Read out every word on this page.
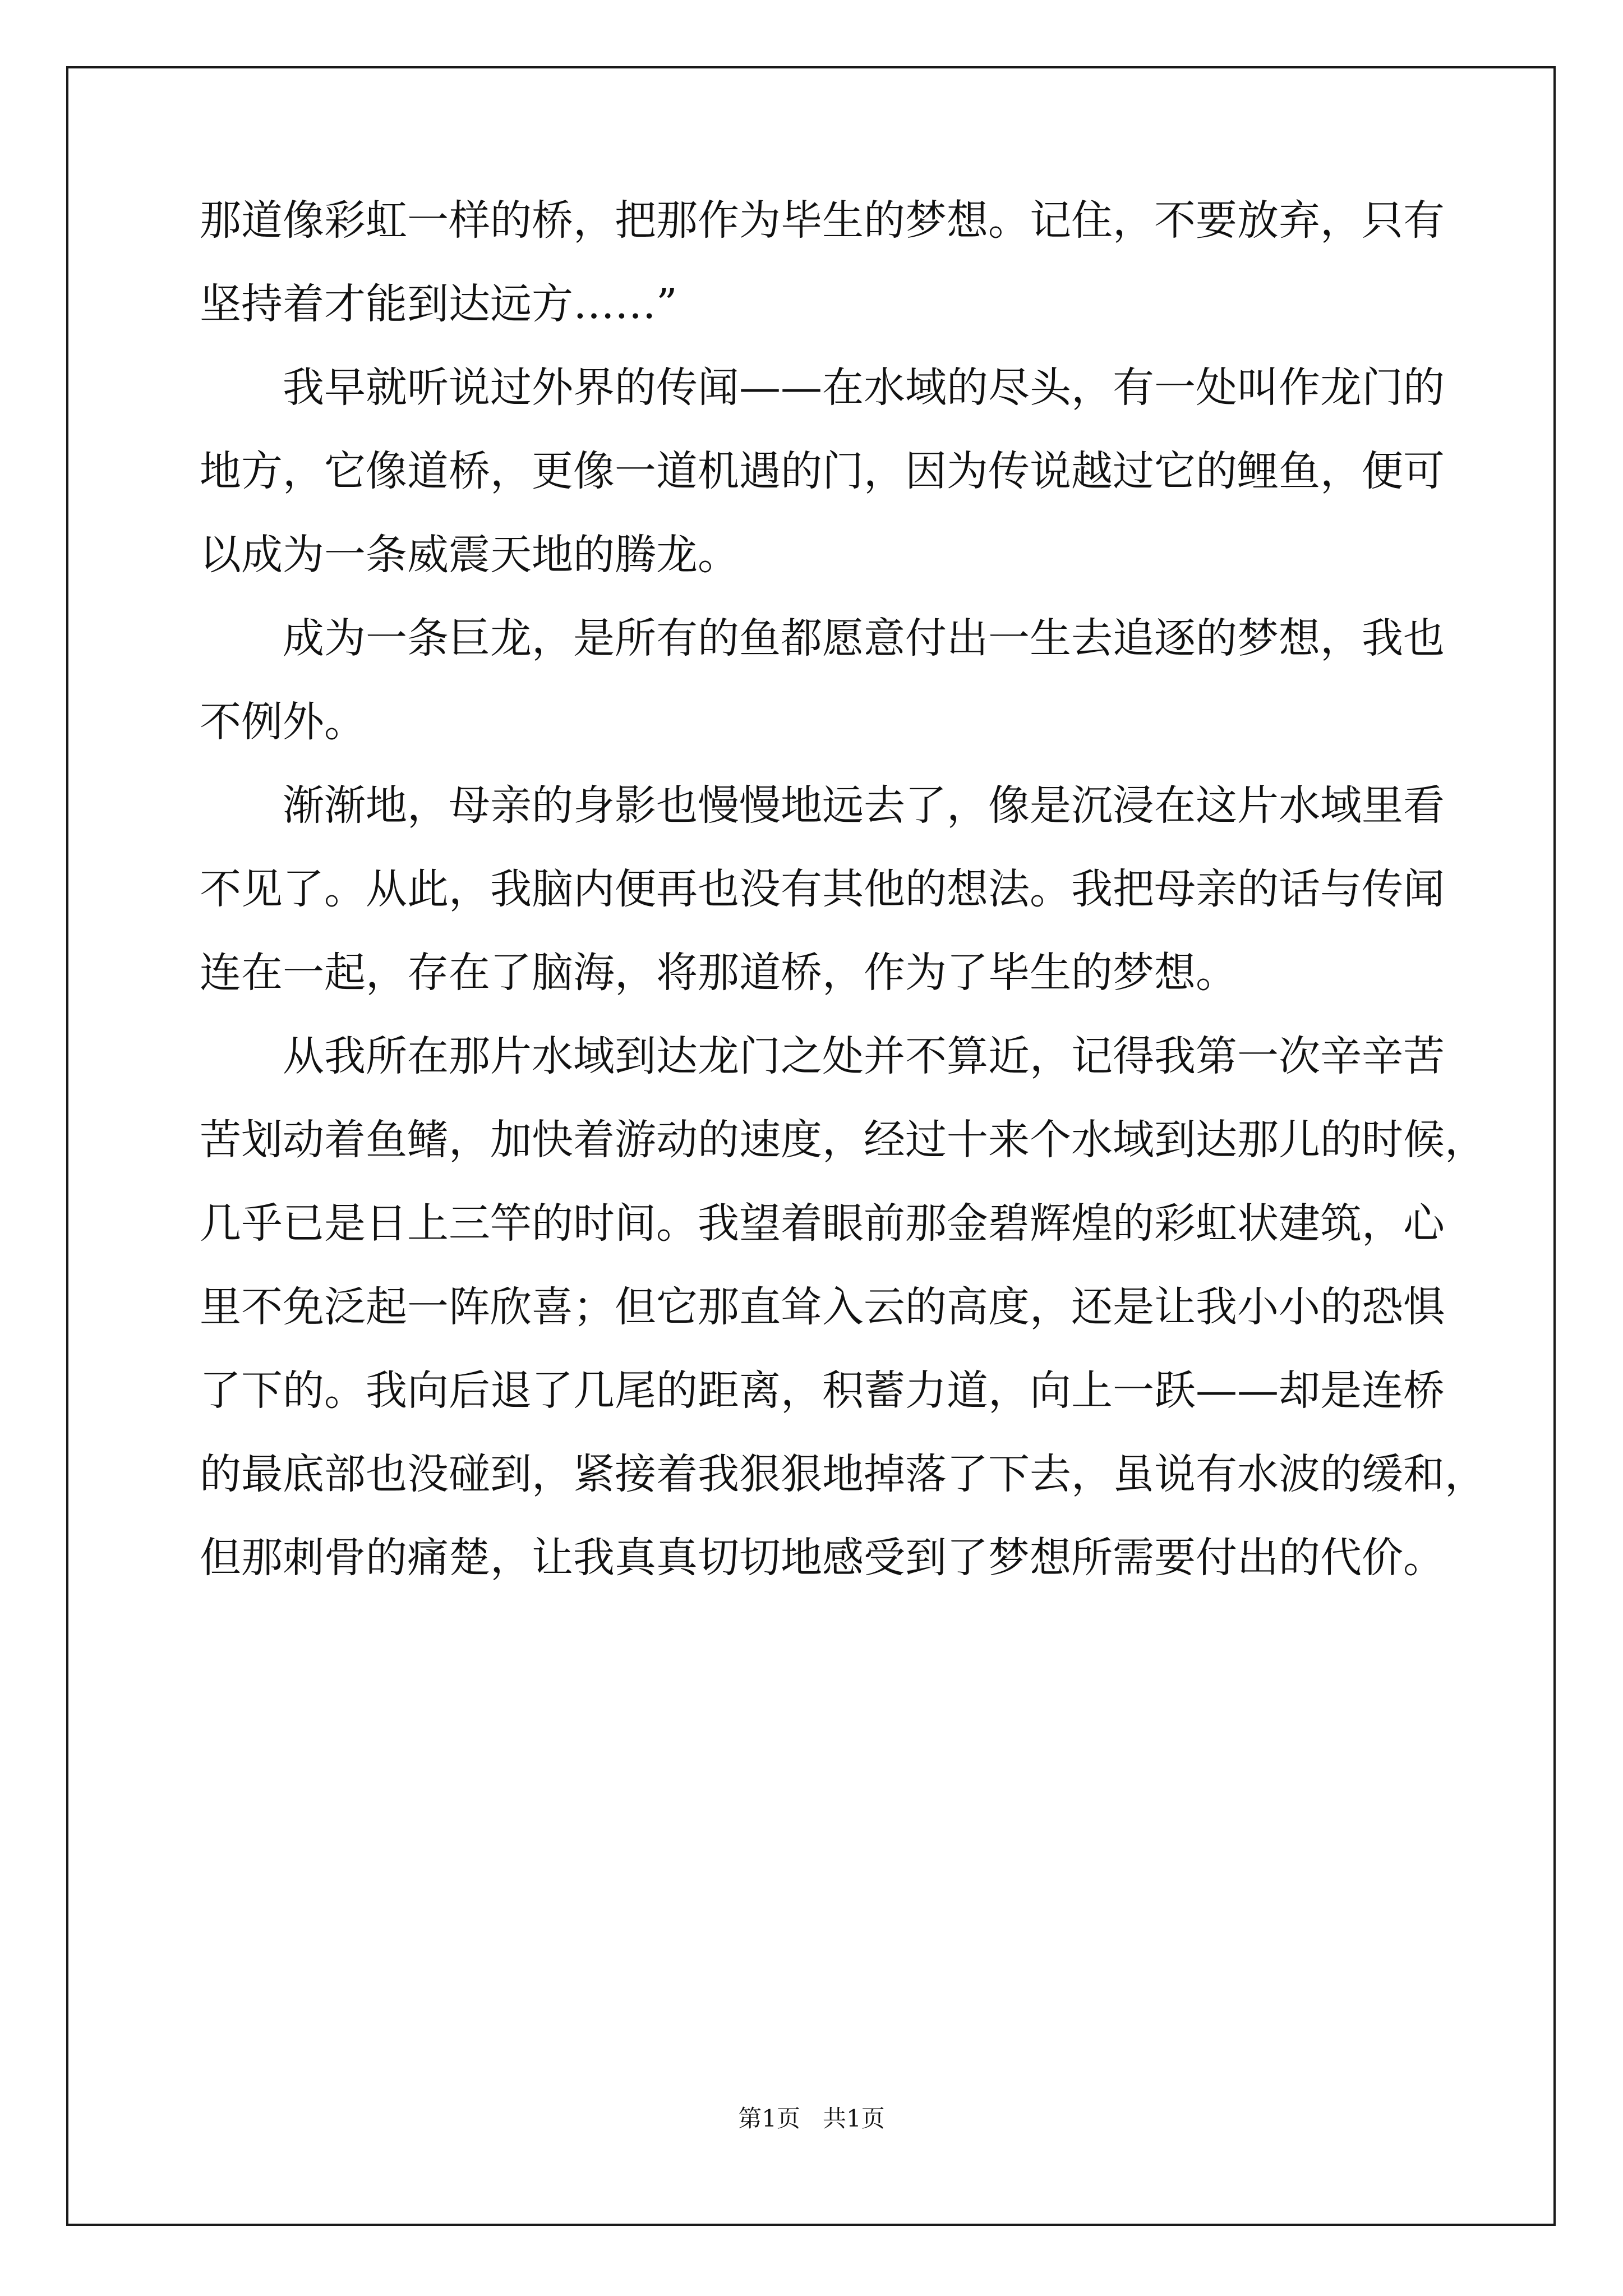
那道像彩虹一样的桥，把那作为毕生的梦想。记住，不要放弃，只有
坚持着才能到达远方……”
我早就听说过外界的传闻——在水域的尽头，有一处叫作龙门的
地方，它像道桥，更像一道机遇的门，因为传说越过它的鲤鱼，便可
以成为一条威震天地的腾龙。
成为一条巨龙，是所有的鱼都愿意付出一生去追逐的梦想，我也
不例外。
渐渐地，母亲的身影也慢慢地远去了，像是沉浸在这片水域里看
不见了。从此，我脑内便再也没有其他的想法。我把母亲的话与传闻
连在一起，存在了脑海，将那道桥，作为了毕生的梦想。
从我所在那片水域到达龙门之处并不算近，记得我第一次辛辛苦
苦划动着鱼鳍，加快着游动的速度，经过十来个水域到达那儿的时候，
几乎已是日上三竿的时间。我望着眼前那金碧辉煌的彩虹状建筑，心
里不免泛起一阵欣喜；但它那直耸入云的高度，还是让我小小的恐惧
了下的。我向后退了几尾的距离，积蓄力道，向上一跃——却是连桥
的最底部也没碰到，紧接着我狠狠地掉落了下去，虽说有水波的缓和，
但那刺骨的痛楚，让我真真切切地感受到了梦想所需要付出的代价。
第1页 共1页
